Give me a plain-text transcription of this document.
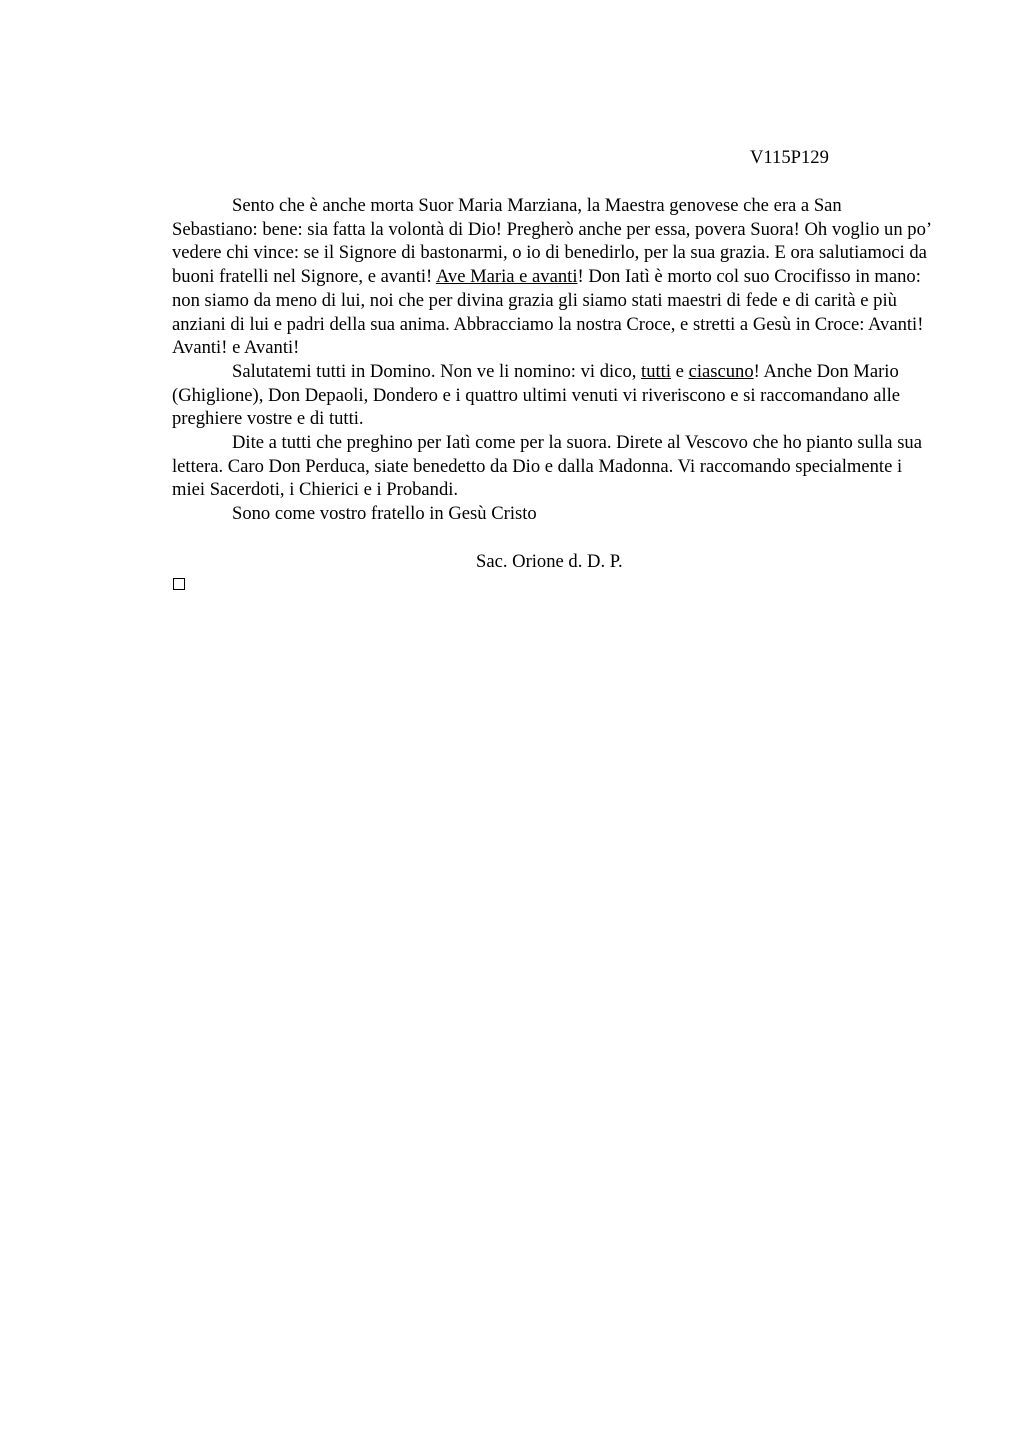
V115P129

Sento che è anche morta Suor Maria Marziana, la Maestra genovese che era a San Sebastiano: bene: sia fatta la volontà di Dio! Pregherò anche per essa, povera Suora! Oh voglio un po’ vedere chi vince: se il Signore di bastonarmi, o io di benedirlo, per la sua grazia. E ora salutiamoci da buoni fratelli nel Signore, e avanti! Ave Maria e avanti! Don Iatì è morto col suo Crocifisso in mano: non siamo da meno di lui, noi che per divina grazia gli siamo stati maestri di fede e di carità e più anziani di lui e padri della sua anima. Abbracciamo la nostra Croce, e stretti a Gesù in Croce: Avanti! Avanti! e Avanti!

Salutatemi tutti in Domino. Non ve li nomino: vi dico, tutti e ciascuno! Anche Don Mario (Ghiglione), Don Depaoli, Dondero e i quattro ultimi venuti vi riveriscono e si raccomandano alle preghiere vostre e di tutti.

Dite a tutti che preghino per Iatì come per la suora. Direte al Vescovo che ho pianto sulla sua lettera. Caro Don Perduca, siate benedetto da Dio e dalla Madonna. Vi raccomando specialmente i miei Sacerdoti, i Chierici e i Probandi.

Sono come vostro fratello in Gesù Cristo

Sac. Orione d. D. P.
